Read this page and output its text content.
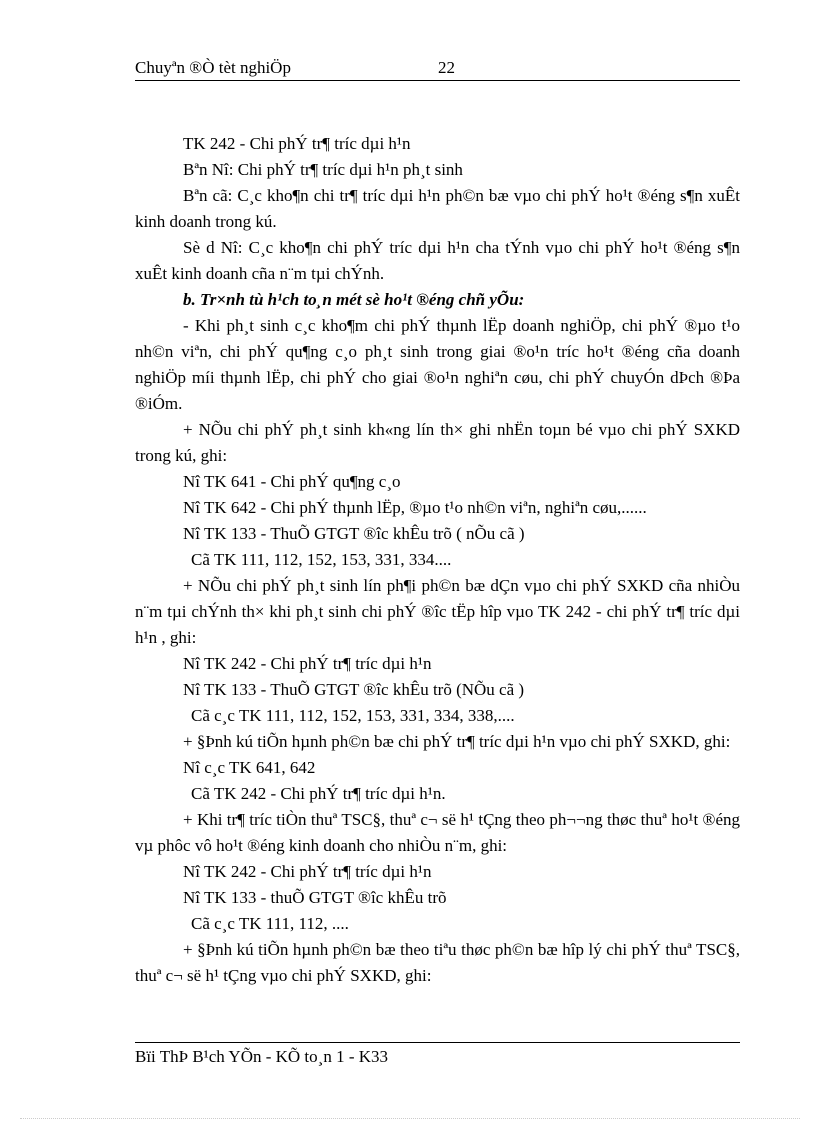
Chuyªn ®Ò tèt nghiÖp	22

TK 242 - Chi phÝ tr¶ tríc dµi h¹n

Bªn Nî: Chi phÝ tr¶ tríc dµi h¹n ph¸t sinh

Bªn cã: C¸c kho¶n chi tr¶ tríc dµi h¹n ph©n bæ vµo chi phÝ ho¹t ®éng s¶n xuÊt kinh doanh trong kú.

Sè d Nî: C¸c kho¶n chi phÝ tríc dµi h¹n cha tÝnh vµo chi phÝ ho¹t ®éng s¶n xuÊt kinh doanh cña n¨m tµi chÝnh.

b. Tr×nh tù h¹ch to¸n mét sè ho¹t ®éng chñ yÕu:

- Khi ph¸t sinh c¸c kho¶m chi phÝ thµnh lËp doanh nghiÖp, chi phÝ ®µo t¹o nh©n viªn, chi phÝ qu¶ng c¸o ph¸t sinh trong giai ®o¹n tríc ho¹t ®éng cña doanh nghiÖp míi thµnh lËp, chi phÝ cho giai ®o¹n nghiªn cøu, chi phÝ chuyÓn dÞch ®Þa ®iÓm.

+ NÕu chi phÝ ph¸t sinh kh«ng lín th× ghi nhËn toµn bé vµo chi phÝ SXKD trong kú, ghi:

Nî TK 641 - Chi phÝ qu¶ng c¸o

Nî TK 642 - Chi phÝ thµnh lËp, ®µo t¹o nh©n viªn, nghiªn cøu,......

Nî TK 133 - ThuÕ GTGT ®îc khÊu trõ ( nÕu cã )

Cã TK 111, 112, 152, 153, 331, 334....

+ NÕu chi phÝ ph¸t sinh lín ph¶i ph©n bæ dÇn vµo chi phÝ SXKD cña nhiÒu n¨m tµi chÝnh th× khi ph¸t sinh chi phÝ ®îc tËp hîp vµo TK 242 - chi phÝ tr¶ tríc dµi h¹n , ghi:

Nî TK 242 - Chi phÝ tr¶ tríc dµi h¹n

Nî TK 133 - ThuÕ GTGT ®îc khÊu trõ (NÕu cã )

Cã c¸c TK 111, 112, 152, 153, 331, 334, 338,....

+ §Þnh kú tiÕn hµnh ph©n bæ chi phÝ tr¶ tríc dµi h¹n vµo chi phÝ SXKD, ghi:

Nî c¸c TK 641, 642

Cã TK 242 - Chi phÝ tr¶ tríc dµi h¹n.

+ Khi tr¶ tríc tiÒn thuª TSC§, thuª c¬ së h¹ tÇng theo ph¬¬ng thøc thuª ho¹t ®éng vµ phôc vô ho¹t ®éng kinh doanh cho nhiÒu n¨m, ghi:

Nî TK 242 - Chi phÝ tr¶ tríc dµi h¹n

Nî TK 133 - thuÕ GTGT ®îc khÊu trõ

Cã c¸c TK 111, 112, ....

+ §Þnh kú tiÕn hµnh ph©n bæ theo tiªu thøc ph©n bæ hîp lý chi phÝ thuª TSC§, thuª c¬ së h¹ tÇng vµo chi phÝ SXKD, ghi:

Bïi ThÞ B¹ch YÕn - KÕ to¸n 1 - K33
